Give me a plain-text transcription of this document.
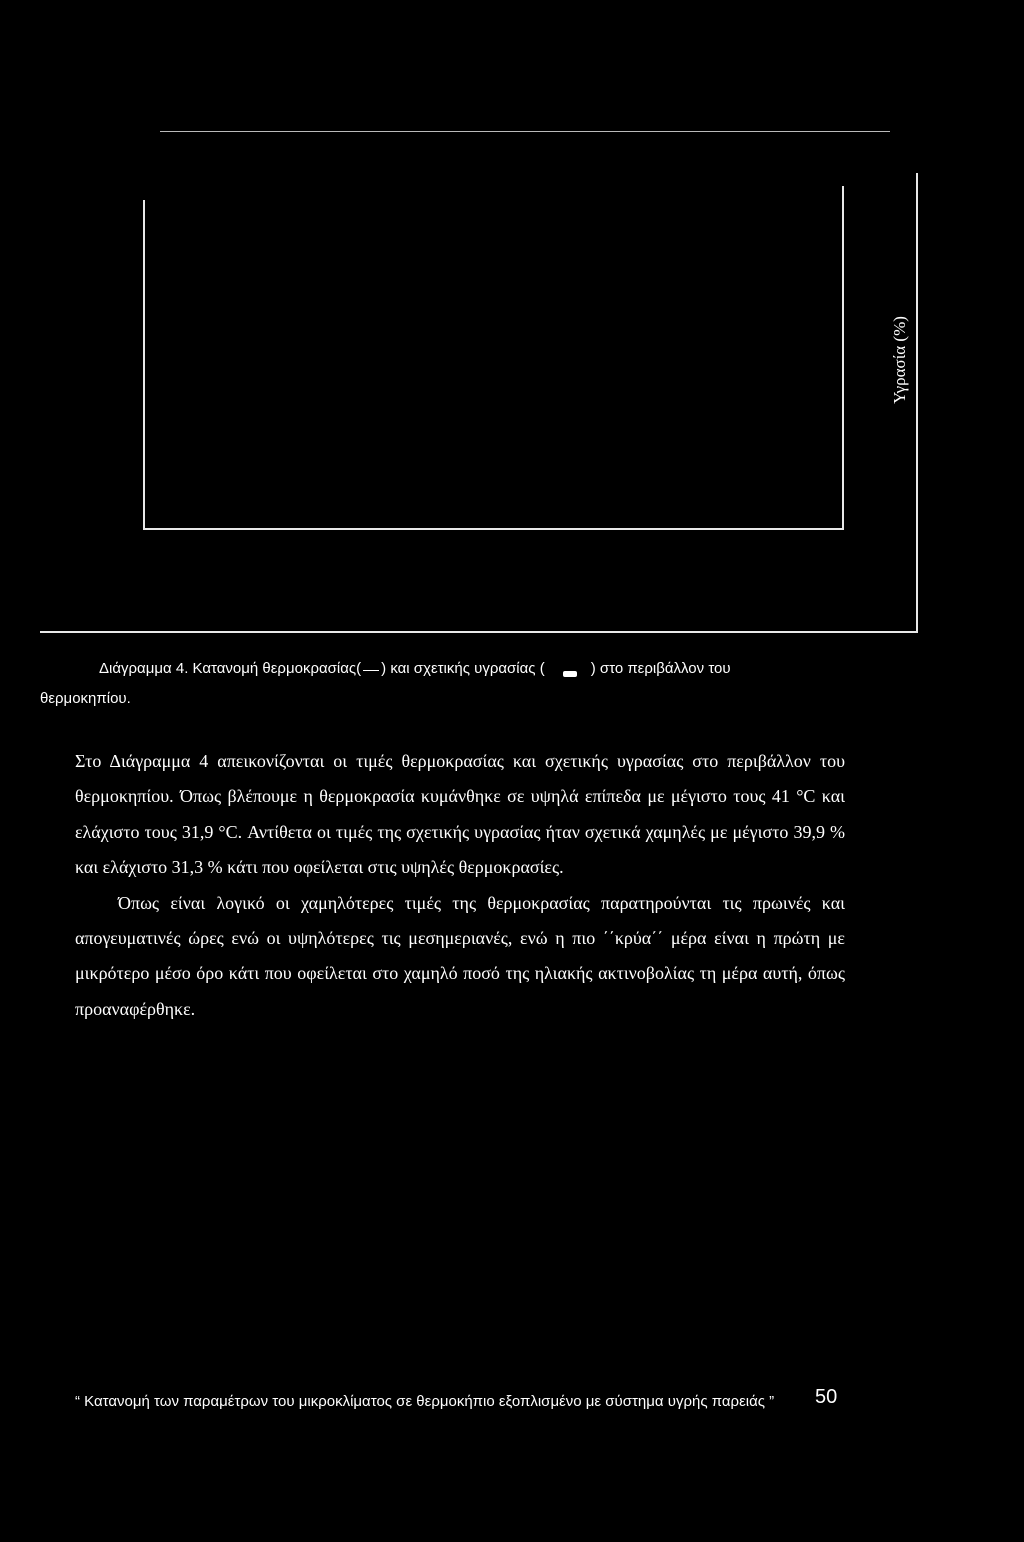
Υγρασία (%)
Διάγραμμα 4. Κατανομή θερμοκρασίας( ) και σχετικής υγρασίας (	) στο περιβάλλον του
θερμοκηπίου.

Στο Διάγραμμα 4 απεικονίζονται οι τιμές θερμοκρασίας και σχετικής υγρασίας στο περιβάλλον του θερμοκηπίου. Όπως βλέπουμε η θερμοκρασία κυμάνθηκε σε υψηλά επίπεδα με μέγιστο τους 41 °C και ελάχιστο τους 31,9 °C. Αντίθετα οι τιμές της σχετικής υγρασίας ήταν σχετικά χαμηλές με μέγιστο 39,9 % και ελάχιστο 31,3 % κάτι που οφείλεται στις υψηλές θερμοκρασίες.

Όπως είναι λογικό οι χαμηλότερες τιμές της θερμοκρασίας παρατηρούνται τις πρωινές και απογευματινές ώρες ενώ οι υψηλότερες τις μεσημεριανές, ενώ η πιο ΄΄κρύα΄΄ μέρα είναι η πρώτη με μικρότερο μέσο όρο κάτι που οφείλεται στο χαμηλό ποσό της ηλιακής ακτινοβολίας τη μέρα αυτή, όπως προαναφέρθηκε.

“ Κατανομή των παραμέτρων του μικροκλίματος σε θερμοκήπιο εξοπλισμένο με σύστημα υγρής παρειάς ”	50
